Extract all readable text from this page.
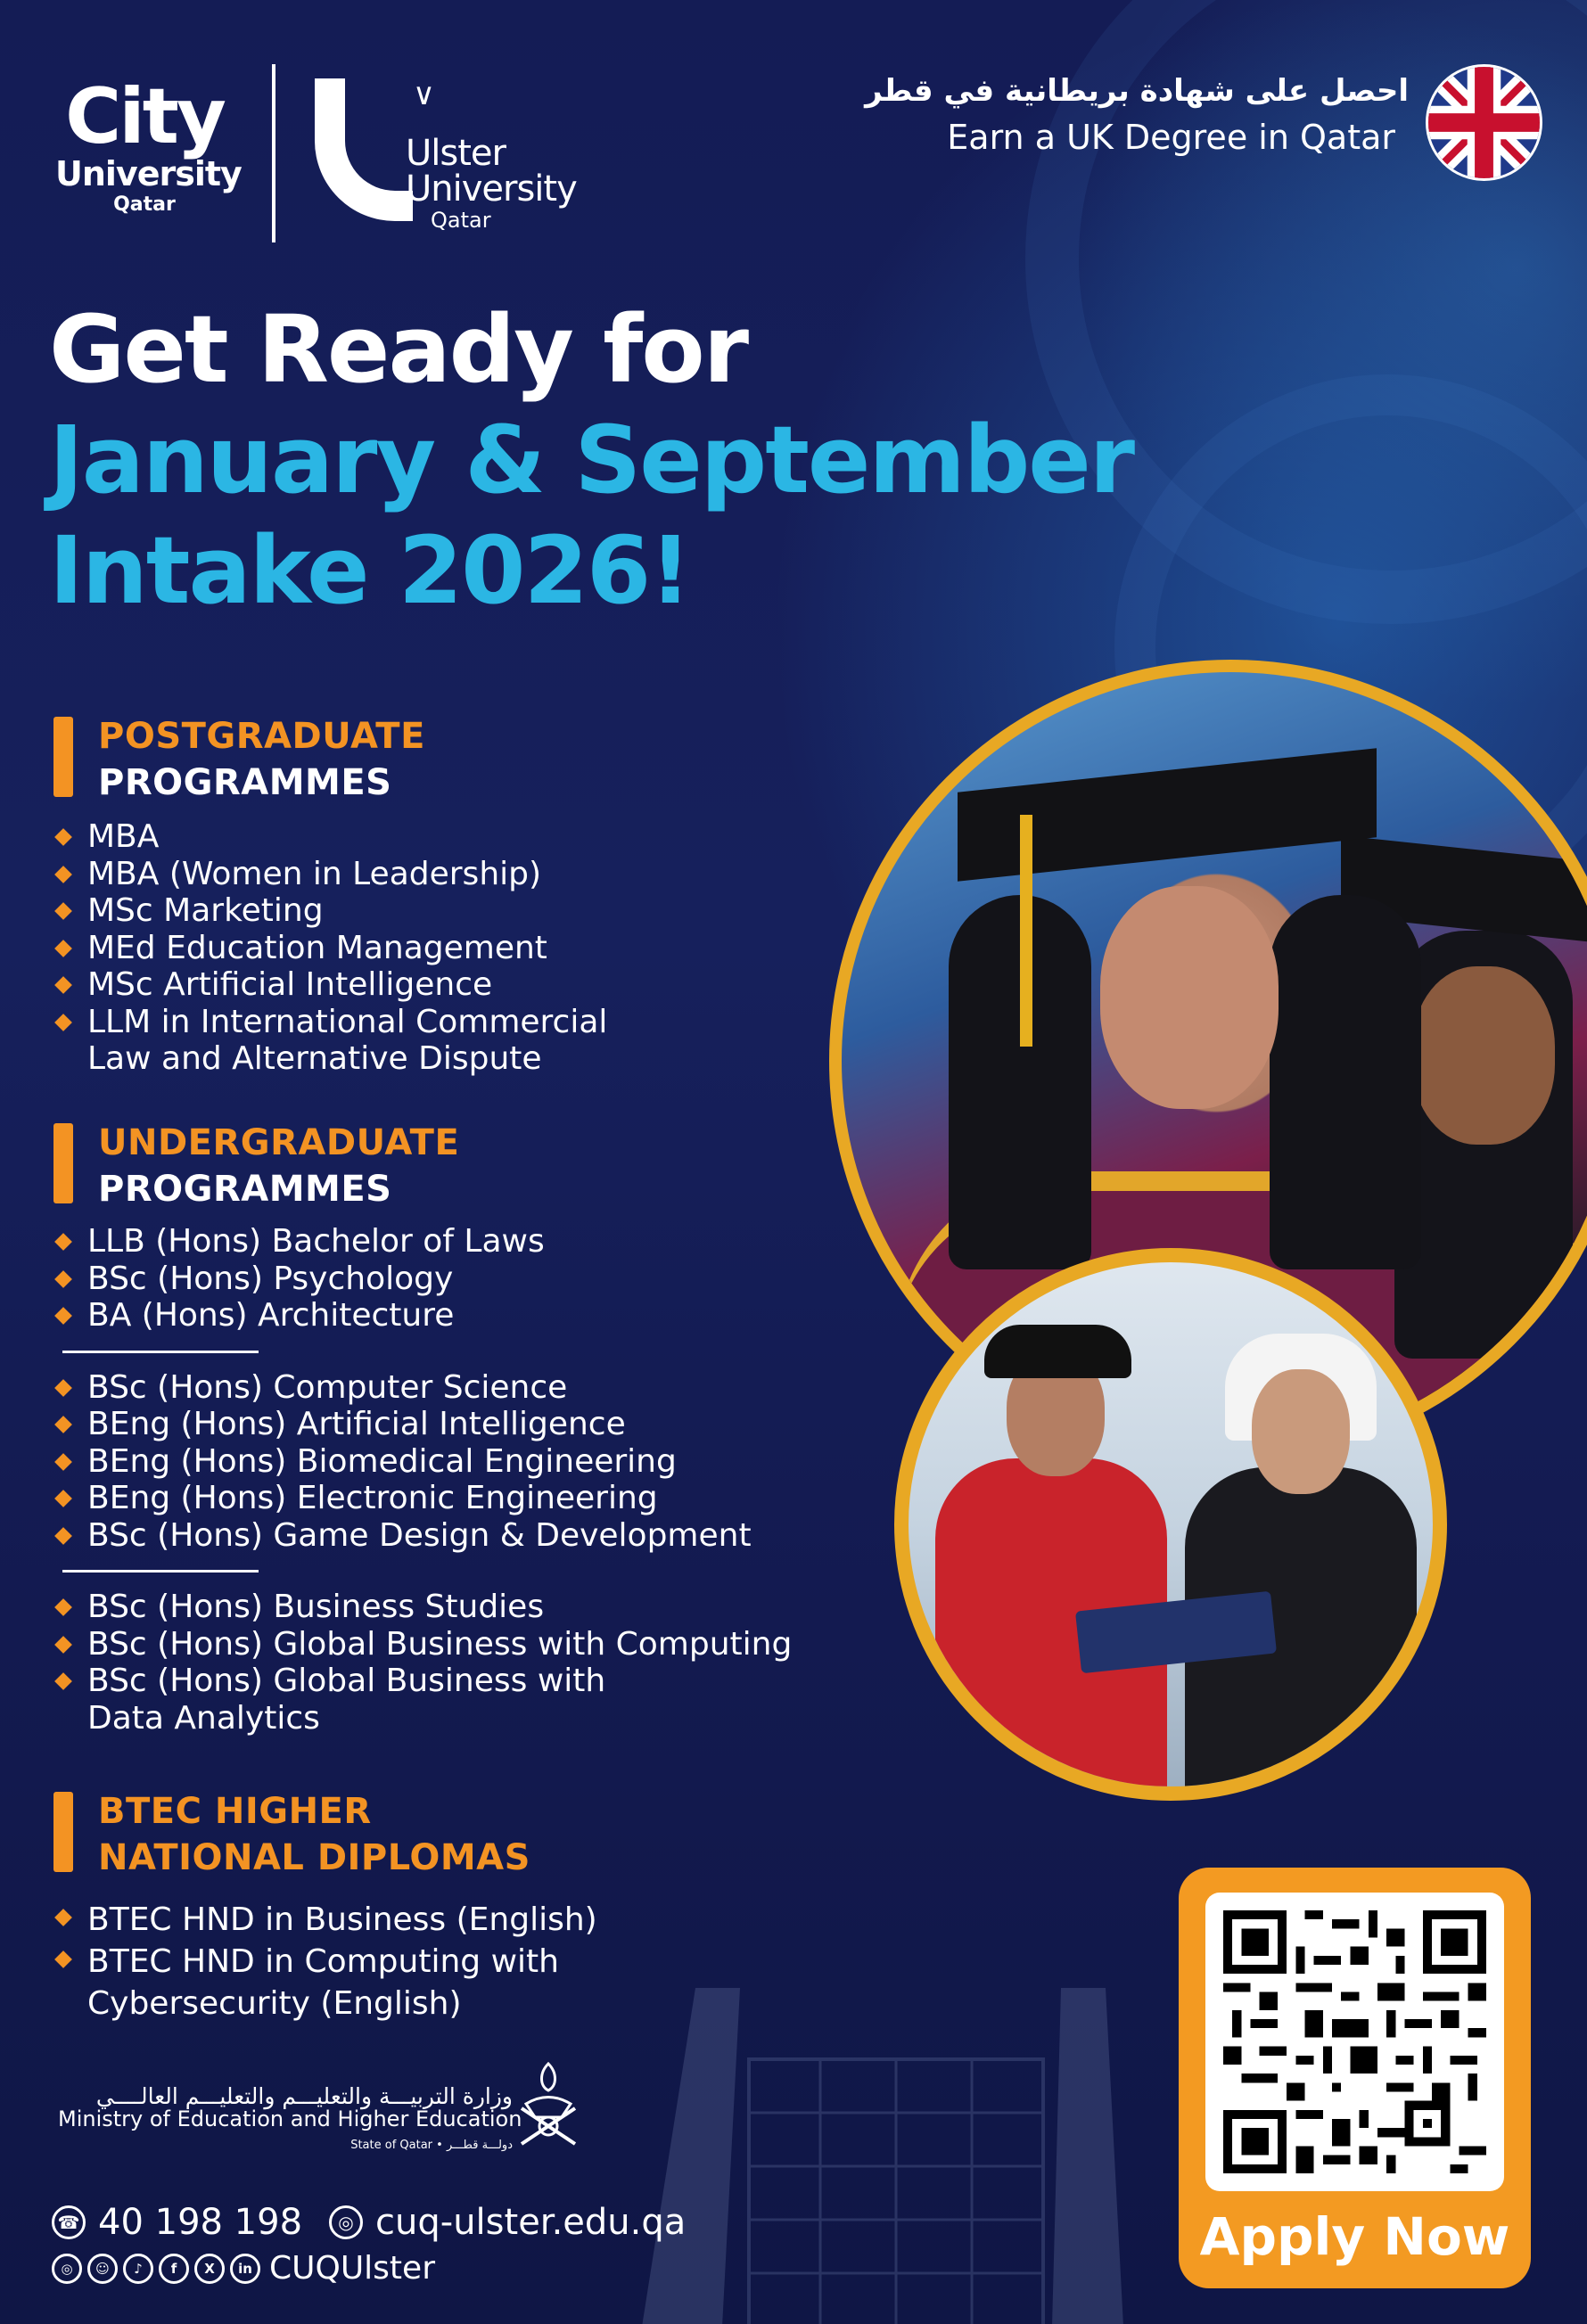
City
University
Qatar
∨
Ulster
University
Qatar
احصل على شهادة بريطانية في قطر
Earn a UK Degree in Qatar
Get Ready for
January & September
Intake 2026!
POSTGRADUATE
PROGRAMMES
MBA
MBA (Women in Leadership)
MSc Marketing
MEd Education Management
MSc Artificial Intelligence
LLM in International Commercial
Law and Alternative Dispute
UNDERGRADUATE
PROGRAMMES
LLB (Hons) Bachelor of Laws
BSc (Hons) Psychology
BA (Hons) Architecture
BSc (Hons) Computer Science
BEng (Hons) Artificial Intelligence
BEng (Hons) Biomedical Engineering
BEng (Hons) Electronic Engineering
BSc (Hons) Game Design & Development
BSc (Hons) Business Studies
BSc (Hons) Global Business with Computing
BSc (Hons) Global Business with
Data Analytics
BTEC HIGHER
NATIONAL DIPLOMAS
BTEC HND in Business (English)
BTEC HND in Computing with
Cybersecurity (English)
وزارة التربيـــة والتعليـــم والتعليـــم العالــــي
Ministry of Education and Higher Education
State of Qatar • دولـــة قطـــر
☎ 40 198 198	◎ cuq-ulster.edu.qa
◎	☺	♪	f	X	in CUQUlster
Apply Now
